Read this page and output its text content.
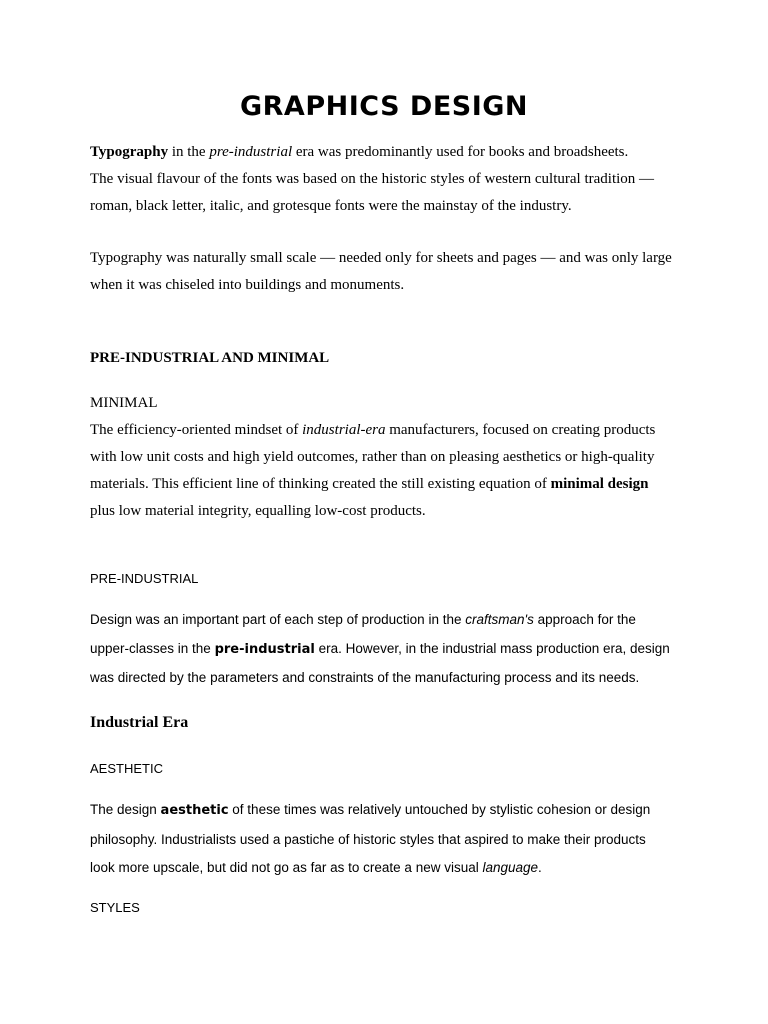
GRAPHICS DESIGN

Typography in the pre-industrial era was predominantly used for books and broadsheets.

The visual flavour of the fonts was based on the historic styles of western cultural tradition —

roman, black letter, italic, and grotesque fonts were the mainstay of the industry.

Typography was naturally small scale — needed only for sheets and pages — and was only large

when it was chiseled into buildings and monuments.

PRE-INDUSTRIAL AND MINIMAL
MINIMAL

The efficiency-oriented mindset of industrial-era manufacturers, focused on creating products

with low unit costs and high yield outcomes, rather than on pleasing aesthetics or high-quality

materials. This efficient line of thinking created the still existing equation of minimal design

plus low material integrity, equalling low-cost products.

PRE-INDUSTRIAL

Design was an important part of each step of production in the craftsman's approach for the

upper-classes in the pre-industrial era. However, in the industrial mass production era, design

was directed by the parameters and constraints of the manufacturing process and its needs.

Industrial Era
AESTHETIC

The design aesthetic of these times was relatively untouched by stylistic cohesion or design

philosophy. Industrialists used a pastiche of historic styles that aspired to make their products

look more upscale, but did not go as far as to create a new visual language.

STYLES
